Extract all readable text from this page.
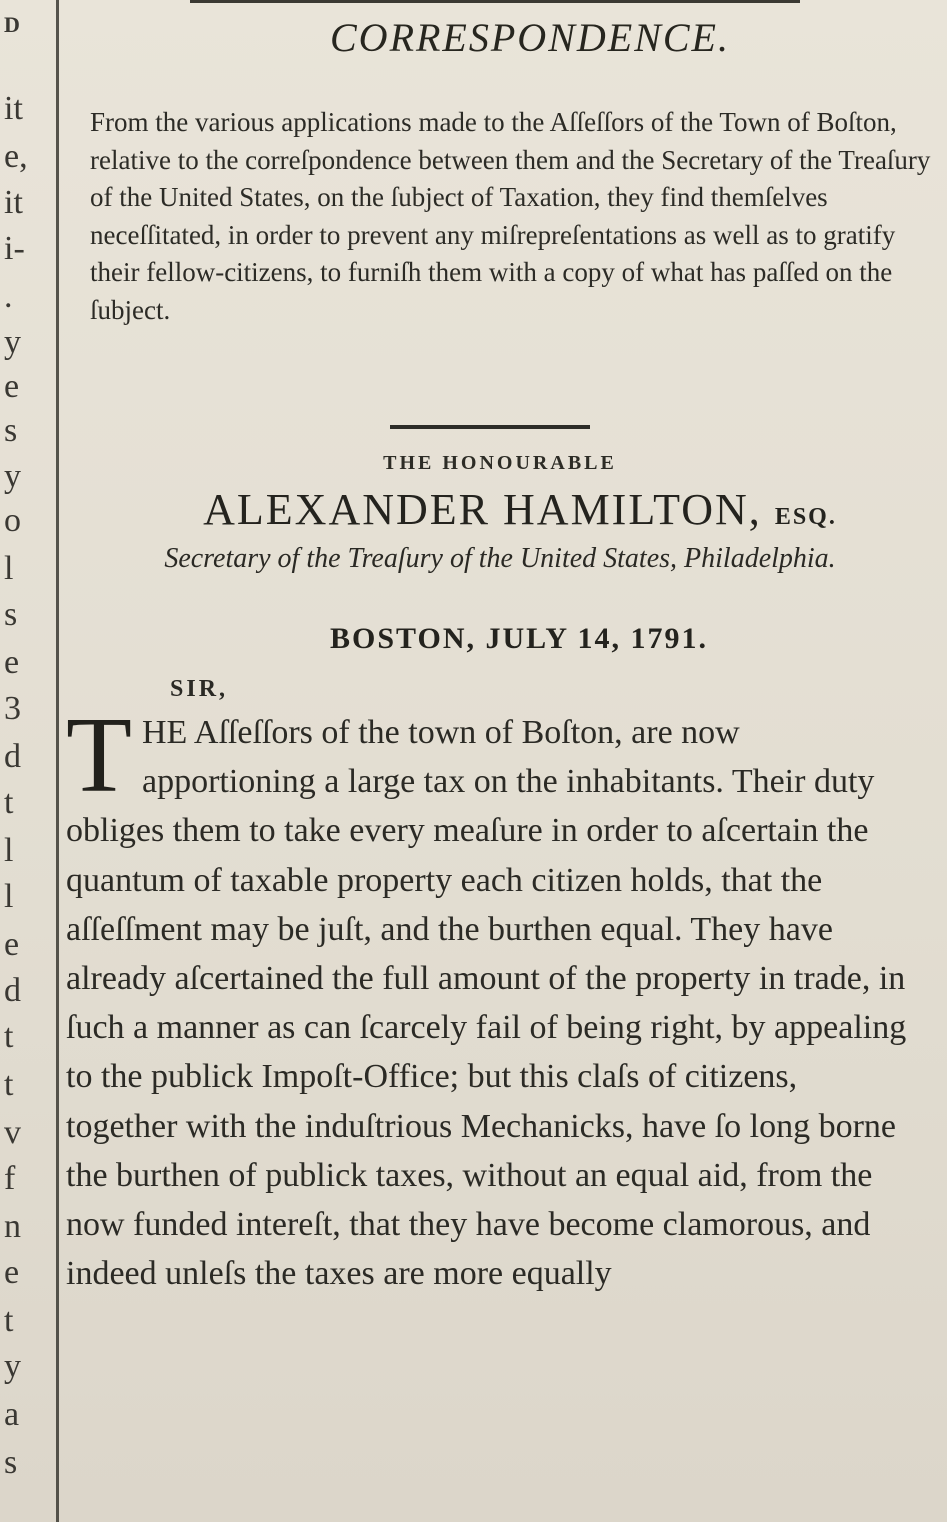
D
it
e,
it
i-
.
y
e
s
y
o
l
s
e
3
d
t
l
l
e
d
t
t
v
f
n
e
t
y
a
s
CORRESPONDENCE.

From the various applications made to the Aſſeſſors of the Town of Boſton, relative to the correſpondence between them and the Secretary of the Treaſury of the United States, on the ſubject of Taxation, they find themſelves neceſſitated, in order to prevent any miſrepreſentations as well as to gratify their fellow-citizens, to furniſh them with a copy of what has paſſed on the ſubject.

THE HONOURABLE
ALEXANDER HAMILTON, ESQ.
Secretary of the Treaſury of the United States, Philadelphia.
BOSTON, JULY 14, 1791.
SIR,

THE Aſſeſſors of the town of Boſton, are now apportioning a large tax on the inhabitants. Their duty obliges them to take every meaſure in order to aſcertain the quantum of taxable property each citizen holds, that the aſſeſſment may be juſt, and the burthen equal. They have already aſcertained the full amount of the property in trade, in ſuch a manner as can ſcarcely fail of being right, by appealing to the publick Impoſt-Office; but this claſs of citizens, together with the induſtrious Mechanicks, have ſo long borne the burthen of publick taxes, without an equal aid, from the now funded intereſt, that they have become clamorous, and indeed unleſs the taxes are more equally
